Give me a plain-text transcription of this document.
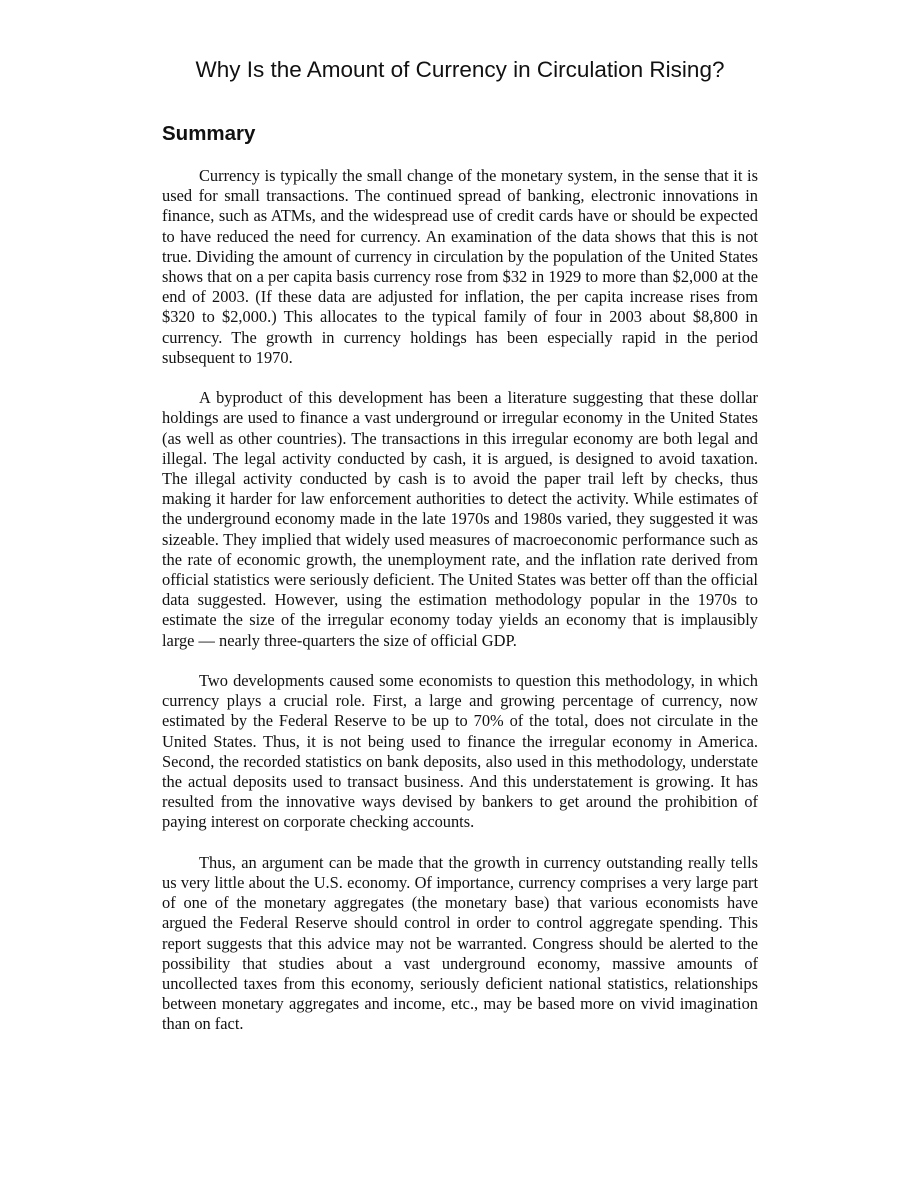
Why Is the Amount of Currency in Circulation Rising?
Summary

Currency is typically the small change of the monetary system, in the sense that it is used for small transactions. The continued spread of banking, electronic innovations in finance, such as ATMs, and the widespread use of credit cards have or should be expected to have reduced the need for currency. An examination of the data shows that this is not true. Dividing the amount of currency in circulation by the population of the United States shows that on a per capita basis currency rose from $32 in 1929 to more than $2,000 at the end of 2003. (If these data are adjusted for inflation, the per capita increase rises from $320 to $2,000.) This allocates to the typical family of four in 2003 about $8,800 in currency. The growth in currency holdings has been especially rapid in the period subsequent to 1970.

A byproduct of this development has been a literature suggesting that these dollar holdings are used to finance a vast underground or irregular economy in the United States (as well as other countries). The transactions in this irregular economy are both legal and illegal. The legal activity conducted by cash, it is argued, is designed to avoid taxation. The illegal activity conducted by cash is to avoid the paper trail left by checks, thus making it harder for law enforcement authorities to detect the activity. While estimates of the underground economy made in the late 1970s and 1980s varied, they suggested it was sizeable. They implied that widely used measures of macroeconomic performance such as the rate of economic growth, the unemployment rate, and the inflation rate derived from official statistics were seriously deficient. The United States was better off than the official data suggested. However, using the estimation methodology popular in the 1970s to estimate the size of the irregular economy today yields an economy that is implausibly large — nearly three-quarters the size of official GDP.

Two developments caused some economists to question this methodology, in which currency plays a crucial role. First, a large and growing percentage of currency, now estimated by the Federal Reserve to be up to 70% of the total, does not circulate in the United States. Thus, it is not being used to finance the irregular economy in America. Second, the recorded statistics on bank deposits, also used in this methodology, understate the actual deposits used to transact business. And this understatement is growing. It has resulted from the innovative ways devised by bankers to get around the prohibition of paying interest on corporate checking accounts.

Thus, an argument can be made that the growth in currency outstanding really tells us very little about the U.S. economy. Of importance, currency comprises a very large part of one of the monetary aggregates (the monetary base) that various economists have argued the Federal Reserve should control in order to control aggregate spending. This report suggests that this advice may not be warranted. Congress should be alerted to the possibility that studies about a vast underground economy, massive amounts of uncollected taxes from this economy, seriously deficient national statistics, relationships between monetary aggregates and income, etc., may be based more on vivid imagination than on fact.
